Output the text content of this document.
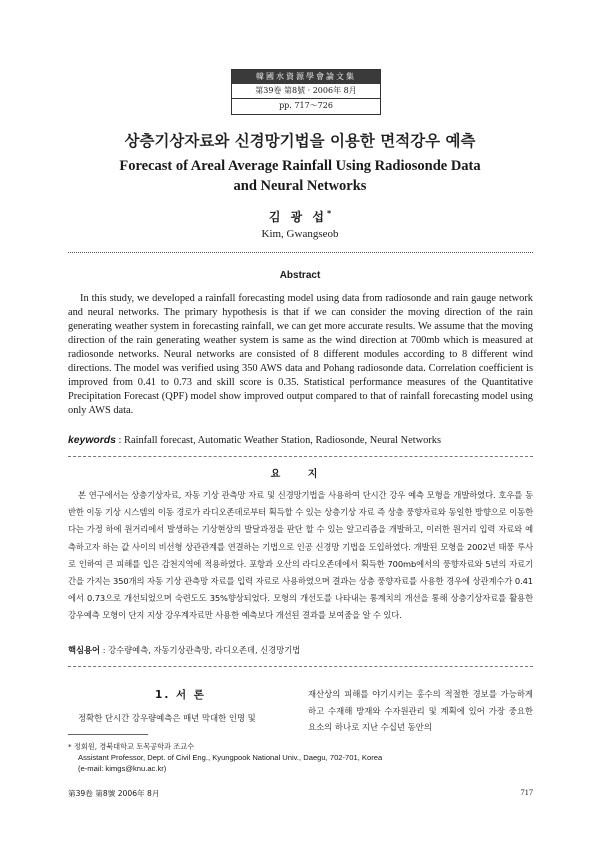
韓國水資源學會論文集
第39卷 第8號 · 2006年 8月
pp. 717～726
상층기상자료와 신경망기법을 이용한 면적강우 예측
Forecast of Areal Average Rainfall Using Radiosonde Data
and Neural Networks
김 광 섭*
Kim, Gwangseob
Abstract
In this study, we developed a rainfall forecasting model using data from radiosonde and rain gauge network and neural networks. The primary hypothesis is that if we can consider the moving direction of the rain generating weather system in forecasting rainfall, we can get more accurate results. We assume that the moving direction of the rain generating weather system is same as the wind direction at 700mb which is measured at radiosonde networks. Neural networks are consisted of 8 different modules according to 8 different wind directions. The model was verified using 350 AWS data and Pohang radiosonde data. Correlation coefficient is improved from 0.41 to 0.73 and skill score is 0.35. Statistical performance measures of the Quantitative Precipitation Forecast (QPF) model show improved output compared to that of rainfall forecasting model using only AWS data.
keywords : Rainfall forecast, Automatic Weather Station, Radiosonde, Neural Networks
요 지
본 연구에서는 상층기상자료, 자동 기상 관측망 자료 및 신경망기법을 사용하여 단시간 강우 예측 모형을 개발하였다. 호우를 동반한 이동 기상 시스템의 이동 경로가 라디오존데로부터 획득할 수 있는 상층기상 자료 즉 상층 풍향자료와 동일한 방향으로 이동한다는 가정 하에 원거리에서 발생하는 기상현상의 발달과정을 판단 할 수 있는 알고리즘을 개발하고, 이러한 원거리 입력 자료와 예측하고자 하는 값 사이의 비선형 상관관계를 연결하는 기법으로 인공 신경망 기법을 도입하였다. 개발된 모형을 2002년 태풍 루사로 인하여 큰 피해를 입은 감천지역에 적용하였다. 포항과 오산의 라디오존데에서 획득한 700mb에서의 풍향자료와 5년의 자료기간을 가지는 350개의 자동 기상 관측망 자료를 입력 자료로 사용하였으며 결과는 상층 풍향자료를 사용한 경우에 상관계수가 0.41에서 0.73으로 개선되었으며 숙련도도 35%향상되었다. 모형의 개선도를 나타내는 통계치의 개선을 통해 상층기상자료를 활용한 강우예측 모형이 단지 지상 강우계자료만 사용한 예측보다 개선된 결과를 보여줌을 알 수 있다.
핵심용어 : 강수량예측, 자동기상관측망, 라디오존데, 신경망기법
1. 서 론
정확한 단시간 강우량예측은 매년 막대한 인명 및
재산상의 피해를 야기시키는 홍수의 적절한 경보를 가능하게 하고 수재해 방재와 수자원관리 및 계획에 있어 가장 중요한 요소의 하나로 지난 수십년 동안의
* 정회원, 경북대학교 토목공학과 조교수
Assistant Professor, Dept. of Civil Eng., Kyungpook National Univ., Daegu, 702-701, Korea
(e-mail: kimgs@knu.ac.kr)
第39卷 第8號 2006年 8月	717
